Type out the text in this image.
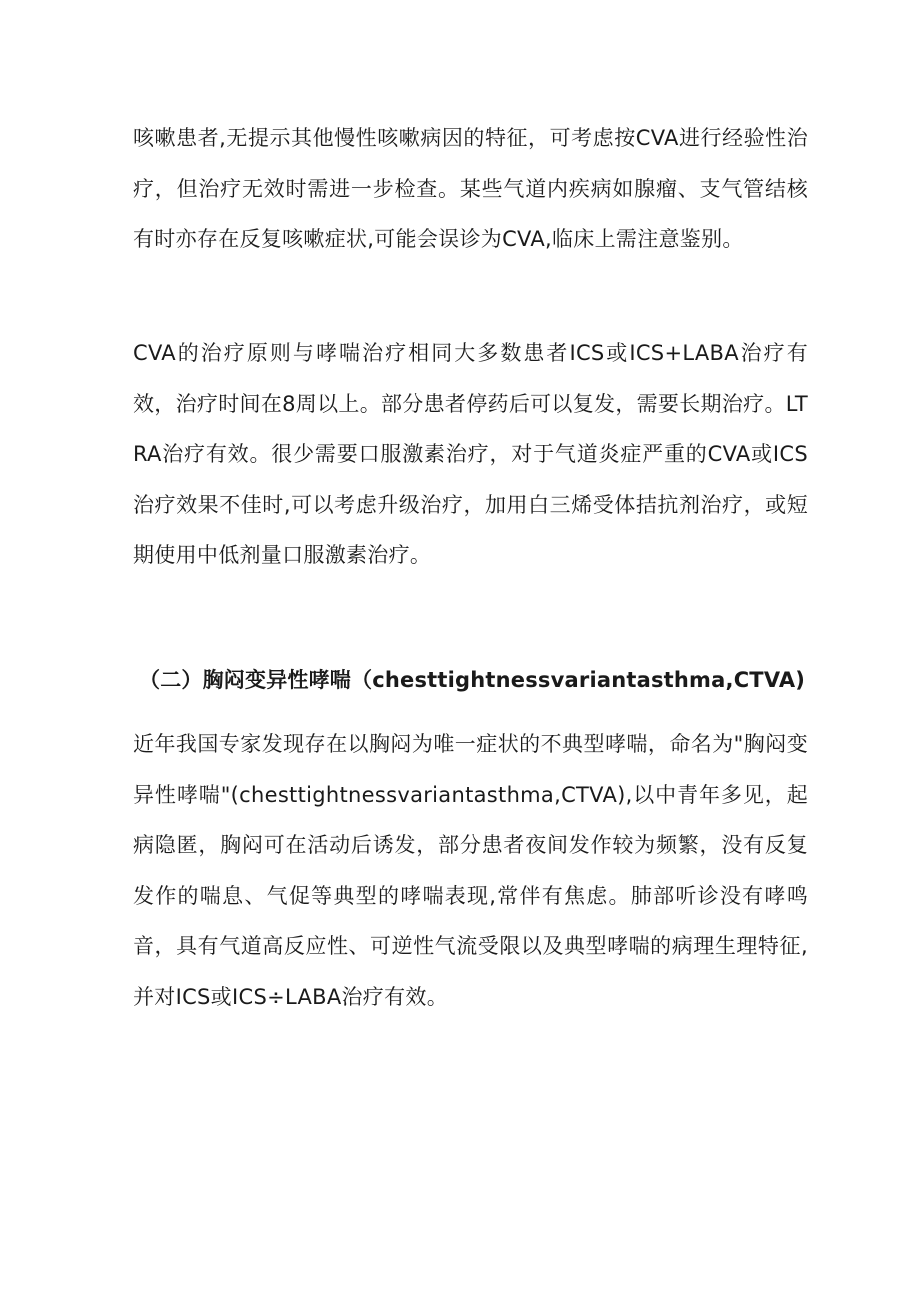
咳嗽患者,无提示其他慢性咳嗽病因的特征，可考虑按CVA进行经验性治疗，但治疗无效时需进一步检查。某些气道内疾病如腺瘤、支气管结核有时亦存在反复咳嗽症状,可能会误诊为CVA,临床上需注意鉴别。

CVA的治疗原则与哮喘治疗相同大多数患者ICS或ICS+LABA治疗有效，治疗时间在8周以上。部分患者停药后可以复发，需要长期治疗。LTRA治疗有效。很少需要口服激素治疗，对于气道炎症严重的CVA或ICS治疗效果不佳时,可以考虑升级治疗，加用白三烯受体拮抗剂治疗，或短期使用中低剂量口服激素治疗。

（二）胸闷变异性哮喘（chesttightnessvariantasthma,CTVA)

近年我国专家发现存在以胸闷为唯一症状的不典型哮喘，命名为"胸闷变异性哮喘"(chesttightnessvariantasthma,CTVA),以中青年多见，起病隐匿，胸闷可在活动后诱发，部分患者夜间发作较为频繁，没有反复发作的喘息、气促等典型的哮喘表现,常伴有焦虑。肺部听诊没有哮鸣音，具有气道高反应性、可逆性气流受限以及典型哮喘的病理生理特征,并对ICS或ICS÷LABA治疗有效。
